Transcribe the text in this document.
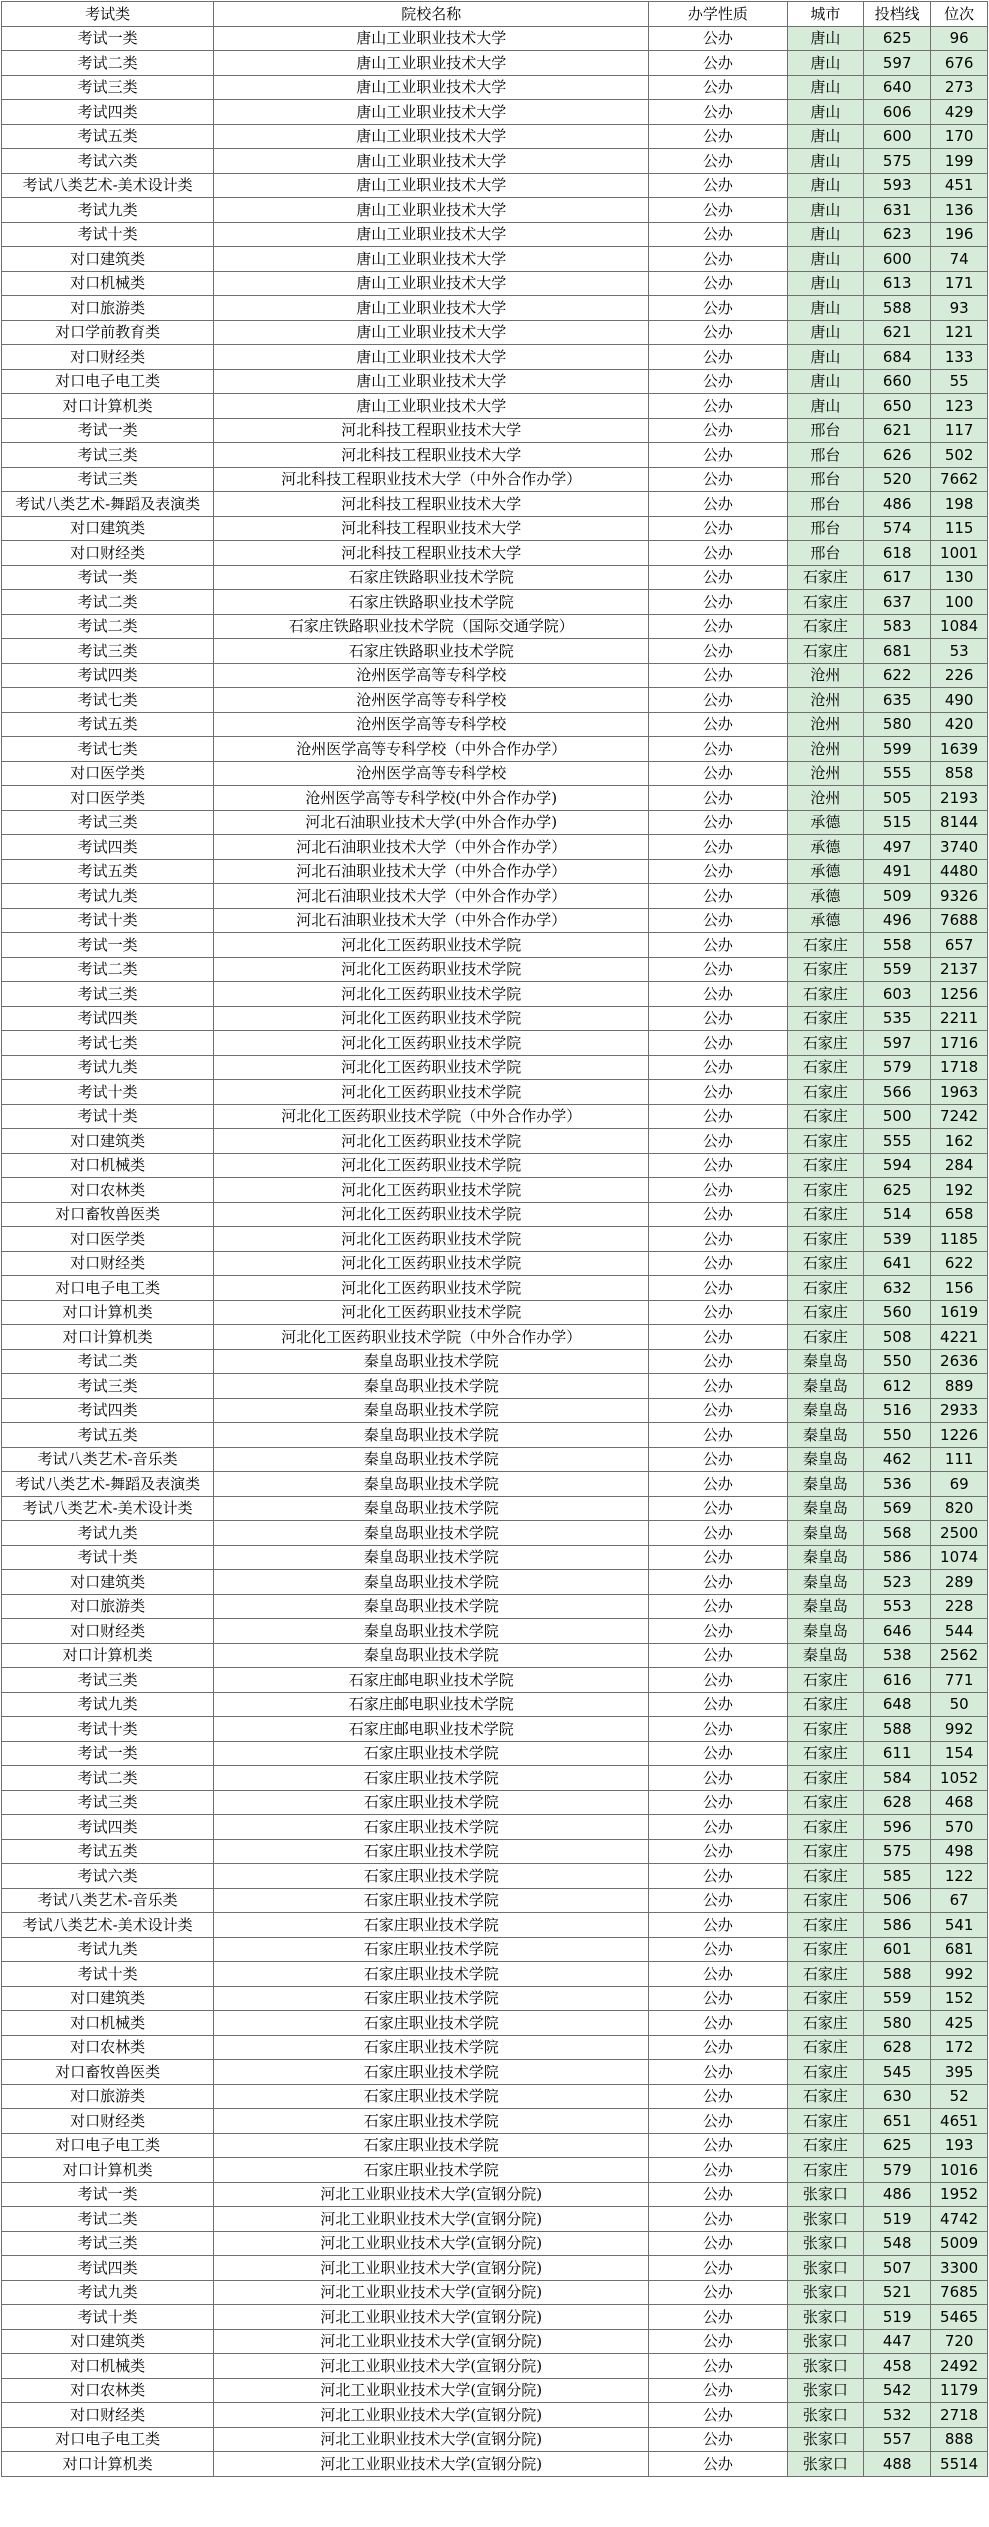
考试类	院校名称	办学性质	城市	投档线	位次
考试一类	唐山工业职业技术大学	公办	唐山	625	96
考试二类	唐山工业职业技术大学	公办	唐山	597	676
考试三类	唐山工业职业技术大学	公办	唐山	640	273
考试四类	唐山工业职业技术大学	公办	唐山	606	429
考试五类	唐山工业职业技术大学	公办	唐山	600	170
考试六类	唐山工业职业技术大学	公办	唐山	575	199
考试八类艺术-美术设计类	唐山工业职业技术大学	公办	唐山	593	451
考试九类	唐山工业职业技术大学	公办	唐山	631	136
考试十类	唐山工业职业技术大学	公办	唐山	623	196
对口建筑类	唐山工业职业技术大学	公办	唐山	600	74
对口机械类	唐山工业职业技术大学	公办	唐山	613	171
对口旅游类	唐山工业职业技术大学	公办	唐山	588	93
对口学前教育类	唐山工业职业技术大学	公办	唐山	621	121
对口财经类	唐山工业职业技术大学	公办	唐山	684	133
对口电子电工类	唐山工业职业技术大学	公办	唐山	660	55
对口计算机类	唐山工业职业技术大学	公办	唐山	650	123
考试一类	河北科技工程职业技术大学	公办	邢台	621	117
考试三类	河北科技工程职业技术大学	公办	邢台	626	502
考试三类	河北科技工程职业技术大学（中外合作办学）	公办	邢台	520	7662
考试八类艺术-舞蹈及表演类	河北科技工程职业技术大学	公办	邢台	486	198
对口建筑类	河北科技工程职业技术大学	公办	邢台	574	115
对口财经类	河北科技工程职业技术大学	公办	邢台	618	1001
考试一类	石家庄铁路职业技术学院	公办	石家庄	617	130
考试二类	石家庄铁路职业技术学院	公办	石家庄	637	100
考试二类	石家庄铁路职业技术学院（国际交通学院）	公办	石家庄	583	1084
考试三类	石家庄铁路职业技术学院	公办	石家庄	681	53
考试四类	沧州医学高等专科学校	公办	沧州	622	226
考试七类	沧州医学高等专科学校	公办	沧州	635	490
考试五类	沧州医学高等专科学校	公办	沧州	580	420
考试七类	沧州医学高等专科学校（中外合作办学）	公办	沧州	599	1639
对口医学类	沧州医学高等专科学校	公办	沧州	555	858
对口医学类	沧州医学高等专科学校(中外合作办学)	公办	沧州	505	2193
考试三类	河北石油职业技术大学(中外合作办学)	公办	承德	515	8144
考试四类	河北石油职业技术大学（中外合作办学）	公办	承德	497	3740
考试五类	河北石油职业技术大学（中外合作办学）	公办	承德	491	4480
考试九类	河北石油职业技术大学（中外合作办学）	公办	承德	509	9326
考试十类	河北石油职业技术大学（中外合作办学）	公办	承德	496	7688
考试一类	河北化工医药职业技术学院	公办	石家庄	558	657
考试二类	河北化工医药职业技术学院	公办	石家庄	559	2137
考试三类	河北化工医药职业技术学院	公办	石家庄	603	1256
考试四类	河北化工医药职业技术学院	公办	石家庄	535	2211
考试七类	河北化工医药职业技术学院	公办	石家庄	597	1716
考试九类	河北化工医药职业技术学院	公办	石家庄	579	1718
考试十类	河北化工医药职业技术学院	公办	石家庄	566	1963
考试十类	河北化工医药职业技术学院（中外合作办学）	公办	石家庄	500	7242
对口建筑类	河北化工医药职业技术学院	公办	石家庄	555	162
对口机械类	河北化工医药职业技术学院	公办	石家庄	594	284
对口农林类	河北化工医药职业技术学院	公办	石家庄	625	192
对口畜牧兽医类	河北化工医药职业技术学院	公办	石家庄	514	658
对口医学类	河北化工医药职业技术学院	公办	石家庄	539	1185
对口财经类	河北化工医药职业技术学院	公办	石家庄	641	622
对口电子电工类	河北化工医药职业技术学院	公办	石家庄	632	156
对口计算机类	河北化工医药职业技术学院	公办	石家庄	560	1619
对口计算机类	河北化工医药职业技术学院（中外合作办学）	公办	石家庄	508	4221
考试二类	秦皇岛职业技术学院	公办	秦皇岛	550	2636
考试三类	秦皇岛职业技术学院	公办	秦皇岛	612	889
考试四类	秦皇岛职业技术学院	公办	秦皇岛	516	2933
考试五类	秦皇岛职业技术学院	公办	秦皇岛	550	1226
考试八类艺术-音乐类	秦皇岛职业技术学院	公办	秦皇岛	462	111
考试八类艺术-舞蹈及表演类	秦皇岛职业技术学院	公办	秦皇岛	536	69
考试八类艺术-美术设计类	秦皇岛职业技术学院	公办	秦皇岛	569	820
考试九类	秦皇岛职业技术学院	公办	秦皇岛	568	2500
考试十类	秦皇岛职业技术学院	公办	秦皇岛	586	1074
对口建筑类	秦皇岛职业技术学院	公办	秦皇岛	523	289
对口旅游类	秦皇岛职业技术学院	公办	秦皇岛	553	228
对口财经类	秦皇岛职业技术学院	公办	秦皇岛	646	544
对口计算机类	秦皇岛职业技术学院	公办	秦皇岛	538	2562
考试三类	石家庄邮电职业技术学院	公办	石家庄	616	771
考试九类	石家庄邮电职业技术学院	公办	石家庄	648	50
考试十类	石家庄邮电职业技术学院	公办	石家庄	588	992
考试一类	石家庄职业技术学院	公办	石家庄	611	154
考试二类	石家庄职业技术学院	公办	石家庄	584	1052
考试三类	石家庄职业技术学院	公办	石家庄	628	468
考试四类	石家庄职业技术学院	公办	石家庄	596	570
考试五类	石家庄职业技术学院	公办	石家庄	575	498
考试六类	石家庄职业技术学院	公办	石家庄	585	122
考试八类艺术-音乐类	石家庄职业技术学院	公办	石家庄	506	67
考试八类艺术-美术设计类	石家庄职业技术学院	公办	石家庄	586	541
考试九类	石家庄职业技术学院	公办	石家庄	601	681
考试十类	石家庄职业技术学院	公办	石家庄	588	992
对口建筑类	石家庄职业技术学院	公办	石家庄	559	152
对口机械类	石家庄职业技术学院	公办	石家庄	580	425
对口农林类	石家庄职业技术学院	公办	石家庄	628	172
对口畜牧兽医类	石家庄职业技术学院	公办	石家庄	545	395
对口旅游类	石家庄职业技术学院	公办	石家庄	630	52
对口财经类	石家庄职业技术学院	公办	石家庄	651	4651
对口电子电工类	石家庄职业技术学院	公办	石家庄	625	193
对口计算机类	石家庄职业技术学院	公办	石家庄	579	1016
考试一类	河北工业职业技术大学(宣钢分院)	公办	张家口	486	1952
考试二类	河北工业职业技术大学(宣钢分院)	公办	张家口	519	4742
考试三类	河北工业职业技术大学(宣钢分院)	公办	张家口	548	5009
考试四类	河北工业职业技术大学(宣钢分院)	公办	张家口	507	3300
考试九类	河北工业职业技术大学(宣钢分院)	公办	张家口	521	7685
考试十类	河北工业职业技术大学(宣钢分院)	公办	张家口	519	5465
对口建筑类	河北工业职业技术大学(宣钢分院)	公办	张家口	447	720
对口机械类	河北工业职业技术大学(宣钢分院)	公办	张家口	458	2492
对口农林类	河北工业职业技术大学(宣钢分院)	公办	张家口	542	1179
对口财经类	河北工业职业技术大学(宣钢分院)	公办	张家口	532	2718
对口电子电工类	河北工业职业技术大学(宣钢分院)	公办	张家口	557	888
对口计算机类	河北工业职业技术大学(宣钢分院)	公办	张家口	488	5514
